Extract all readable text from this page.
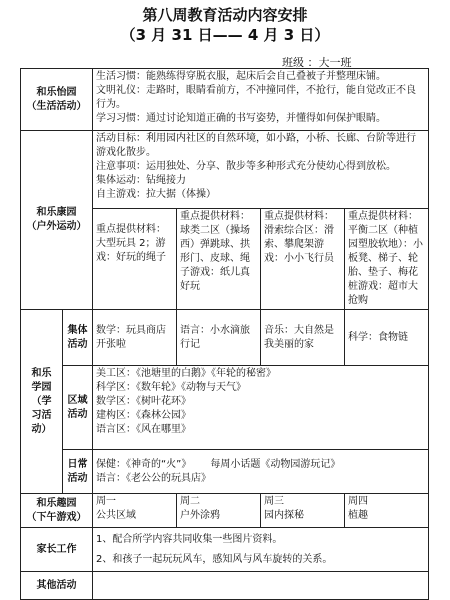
第八周教育活动内容安排
（3 月 31 日—— 4 月 3 日）
班级 ：大一班
和乐怡园
（生活活动）		生活习惯：能熟练得穿脱衣服，起床后会自己叠被子并整理床铺。
文明礼仪：走路时，眼睛看前方，不冲撞同伴，不抢行，能自觉改正不良行为。
学习习惯：通过讨论知道正确的书写姿势，并懂得如何保护眼睛。			

和乐康园
（户外运动）		活动目标：利用园内社区的自然环境，如小路，小桥、长廊、台阶等进行游戏化散步。
注意事项：运用独处、分享、散步等多种形式充分使幼心得到放松。
集体运动：钻绳接力
自主游戏：拉大据（体操）			

		重点提供材料：大型玩具 2；游戏：好玩的绳子	重点提供材料：球类二区（操场西）弹跳球、拱形门、皮球、绳子游戏：纸儿真好玩	重点提供材料：滑索综合区：滑索、攀爬架游戏：小小飞行员	重点提供材料：平衡二区（种植园塑胶软地）：小板凳、梯子、轮胎、垫子、梅花桩游戏：超市大抢购

和乐
学园
（学
习活
动）	集体
活动	数学：玩具商店开张啦	语言：小水滴旅行记	音乐：大自然是我美丽的家	科学：食物链
	区域
活动	美工区：《池塘里的白鹅》《年轮的秘密》
科学区：《数年轮》《动物与天气》
数学区：《树叶花环》
建构区：《森林公园》
语言区：《风在哪里》			

	日常
活动	保健：《神奇的“火”》      每周小话题《动物园游玩记》
语言：《老公公的玩具店》			

和乐趣园
（下午游戏）		周一
公共区域	周二
户外涂鸦	周三
园内探秘	周四
植趣

家长工作		1、配合所学内容共同收集一些图片资料。
2、和孩子一起玩玩风车，感知风与风车旋转的关系。			

其他活动					
